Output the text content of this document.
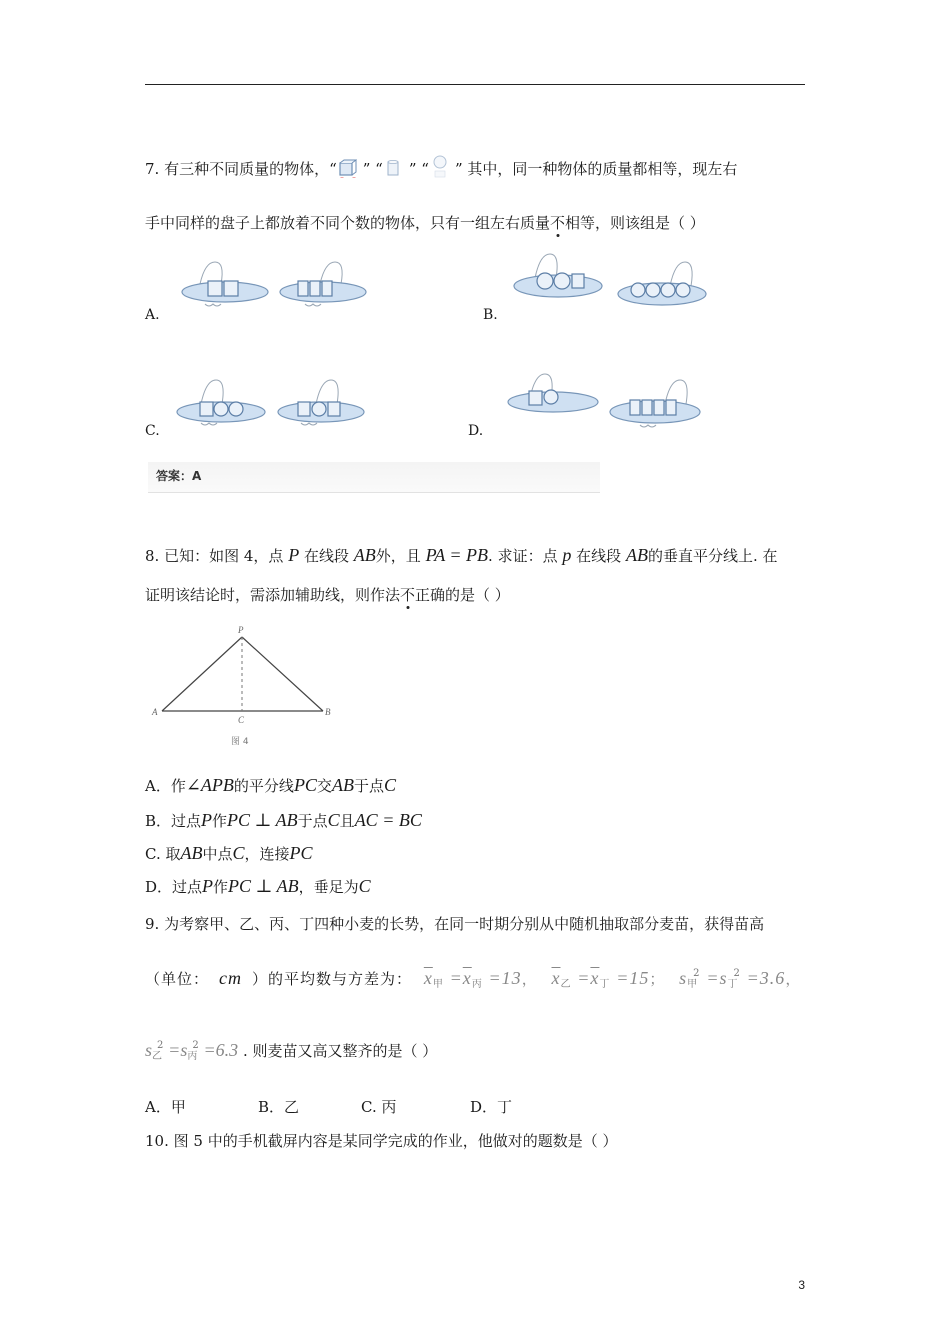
7. 有三种不同质量的物体，“ ” “ ” “ ” 其中，同一种物体的质量都相等，现左右
手中同样的盘子上都放着不同个数的物体，只有一组左右质量不相等，则该组是（ ）
A.	B.
C.	D.
答案：A
8. 已知：如图 4，点 P 在线段 AB外，且 PA = PB. 求证：点 p 在线段 AB的垂直平分线上. 在
证明该结论时，需添加辅助线，则作法不正确的是（ ）
P
A
C
B
图 4
A．作∠APB的平分线PC交AB于点C
B．过点P作PC ⊥ AB于点C且AC = BC
C. 取AB中点C，连接PC
D．过点P作PC ⊥ AB，垂足为C
9. 为考察甲、乙、丙、丁四种小麦的长势，在同一时期分别从中随机抽取部分麦苗，获得苗高
（单位： cm ）的平均数与方差为： $\overline{x}_甲 =\overline{x}_丙 =13$， $\overline{x}_乙 =\overline{x}_丁 =15$； $s_甲^2 =s_丁^2 =3.6$，
$s_乙^2 =s_丙^2 =6.3$ . 则麦苗又高又整齐的是（ ）
A．甲	B．乙	C. 丙	D．丁
10. 图 5 中的手机截屏内容是某同学完成的作业，他做对的题数是（ ）
3
